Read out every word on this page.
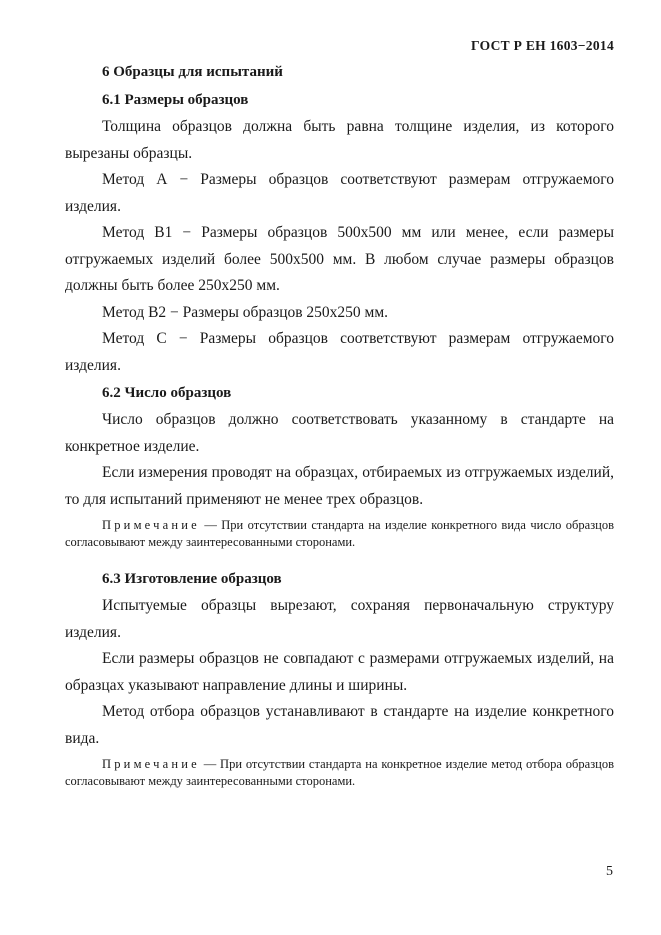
ГОСТ Р ЕН 1603−2014
6 Образцы для испытаний
6.1 Размеры образцов

Толщина образцов должна быть равна толщине изделия, из которого вырезаны образцы.

Метод А − Размеры образцов соответствуют размерам отгружаемого изделия.

Метод В1 − Размеры образцов 500х500 мм или менее, если размеры отгружаемых изделий более 500х500 мм. В любом случае размеры образцов должны быть более 250х250 мм.

Метод В2 − Размеры образцов 250х250 мм.

Метод С − Размеры образцов соответствуют размерам отгружаемого изделия.

6.2 Число образцов

Число образцов должно соответствовать указанному в стандарте на конкретное изделие.

Если измерения проводят на образцах, отбираемых из отгружаемых изделий, то для испытаний применяют не менее трех образцов.

Примечание — При отсутствии стандарта на изделие конкретного вида число образцов согласовывают между заинтересованными сторонами.
6.3 Изготовление образцов

Испытуемые образцы вырезают, сохраняя первоначальную структуру изделия.

Если размеры образцов не совпадают с размерами отгружаемых изделий, на образцах указывают направление длины и ширины.

Метод отбора образцов устанавливают в стандарте на изделие конкретного вида.

Примечание — При отсутствии стандарта на конкретное изделие метод отбора образцов согласовывают между заинтересованными сторонами.
5
